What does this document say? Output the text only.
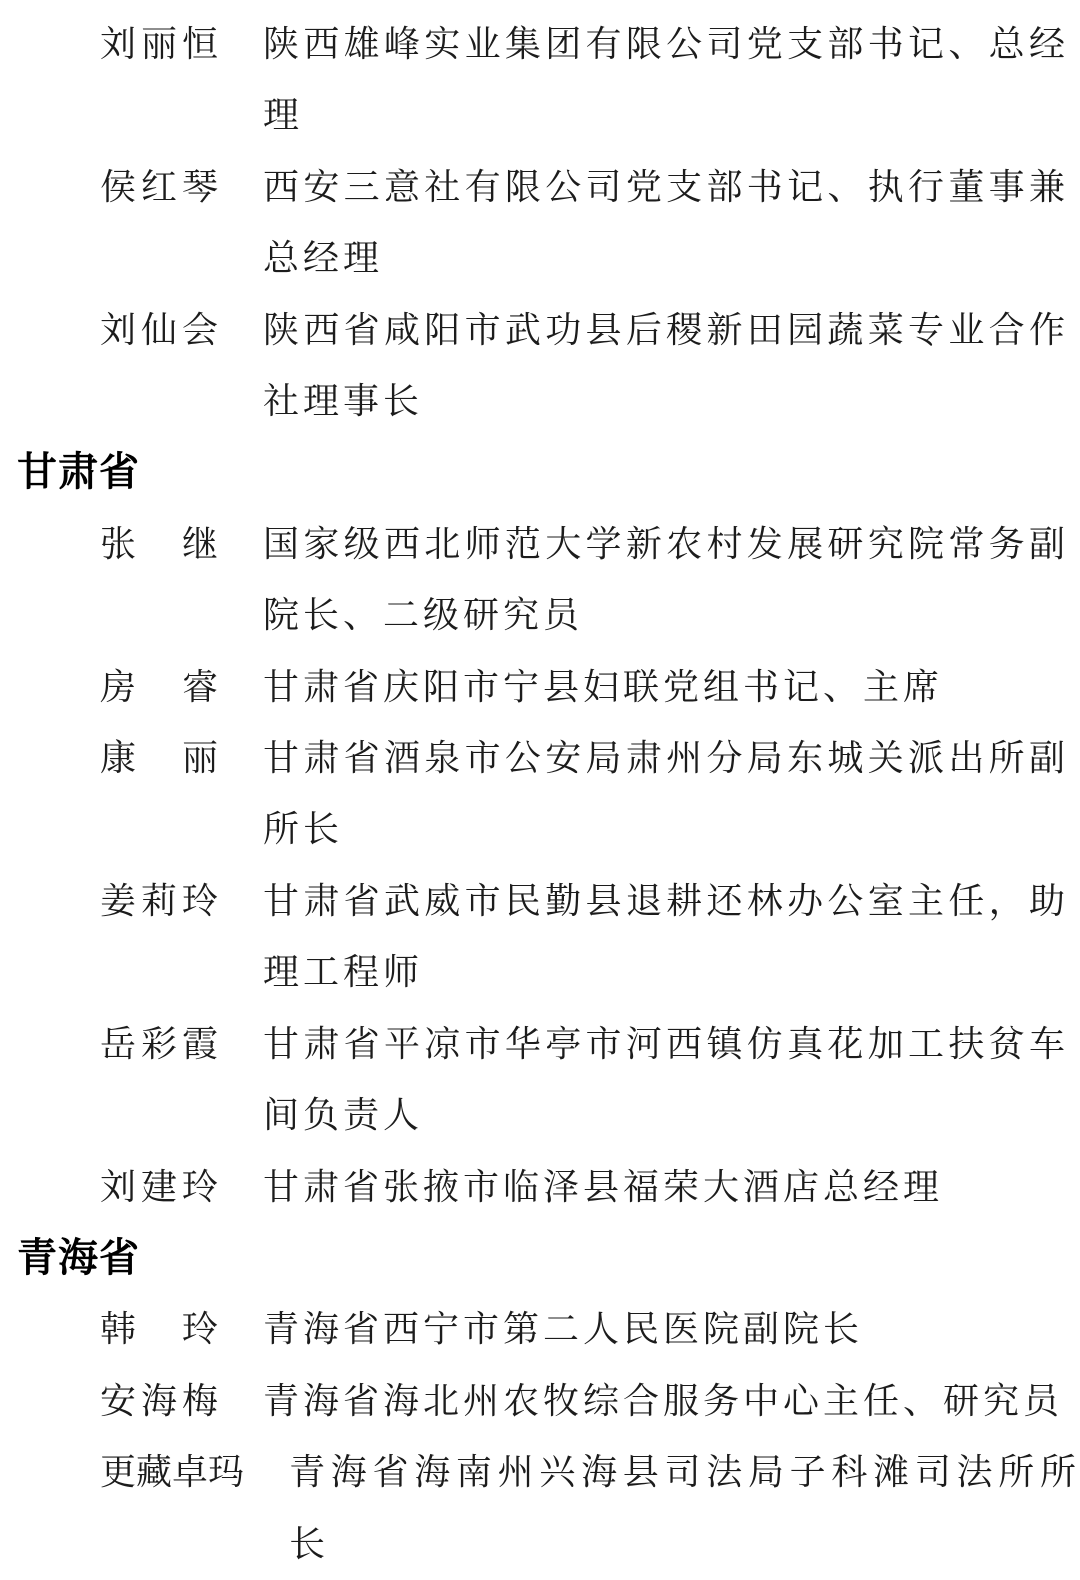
刘 丽 恒 陕西雄峰实业集团有限公司党支部书记、总经理
侯 红 琴 西安三意社有限公司党支部书记、执行董事兼总经理
刘 仙 会 陕西省咸阳市武功县后稷新田园蔬菜专业合作社理事长
甘肃省
张 继 国家级西北师范大学新农村发展研究院常务副院长、二级研究员
房 睿 甘肃省庆阳市宁县妇联党组书记、主席
康 丽 甘肃省酒泉市公安局肃州分局东城关派出所副所长
姜 莉 玲 甘肃省武威市民勤县退耕还林办公室主任，助理工程师
岳 彩 霞 甘肃省平凉市华亭市河西镇仿真花加工扶贫车间负责人
刘 建 玲 甘肃省张掖市临泽县福荣大酒店总经理
青海省
韩 玲 青海省西宁市第二人民医院副院长
安 海 梅 青海省海北州农牧综合服务中心主任、研究员
更 藏 卓 玛 青海省海南州兴海县司法局子科滩司法所所长
